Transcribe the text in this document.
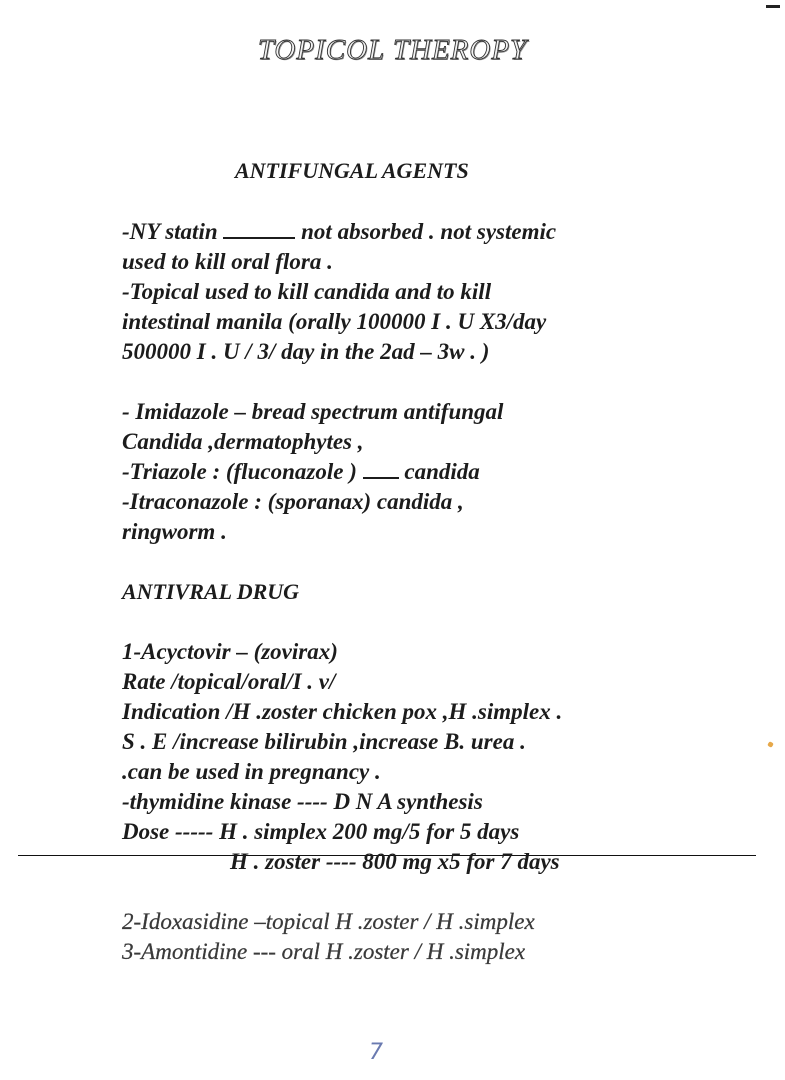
TOPICOL THEROPY

ANTIFUNGAL AGENTS

-NY statin	not absorbed . not systemic

used to kill oral flora .

-Topical used to kill candida and to kill

intestinal manila (orally 100000 I . U X3/day

500000 I . U / 3/ day in the 2ad – 3w . )

- Imidazole – bread spectrum antifungal

Candida ,dermatophytes ,

-Triazole : (fluconazole ) candida

-Itraconazole : (sporanax) candida ,

ringworm .

ANTIVRAL DRUG

1-Acyctovir – (zovirax)

Rate /topical/oral/I . v/

Indication /H .zoster chicken pox ,H .simplex .

S . E /increase bilirubin ,increase B. urea .

.can be used in pregnancy .

-thymidine kinase ---- D N A synthesis

Dose ----- H . simplex 200 mg/5 for 5 days

H . zoster ---- 800 mg x5 for 7 days

2-Idoxasidine –topical H .zoster / H .simplex

3-Amontidine --- oral H .zoster / H .simplex

7
